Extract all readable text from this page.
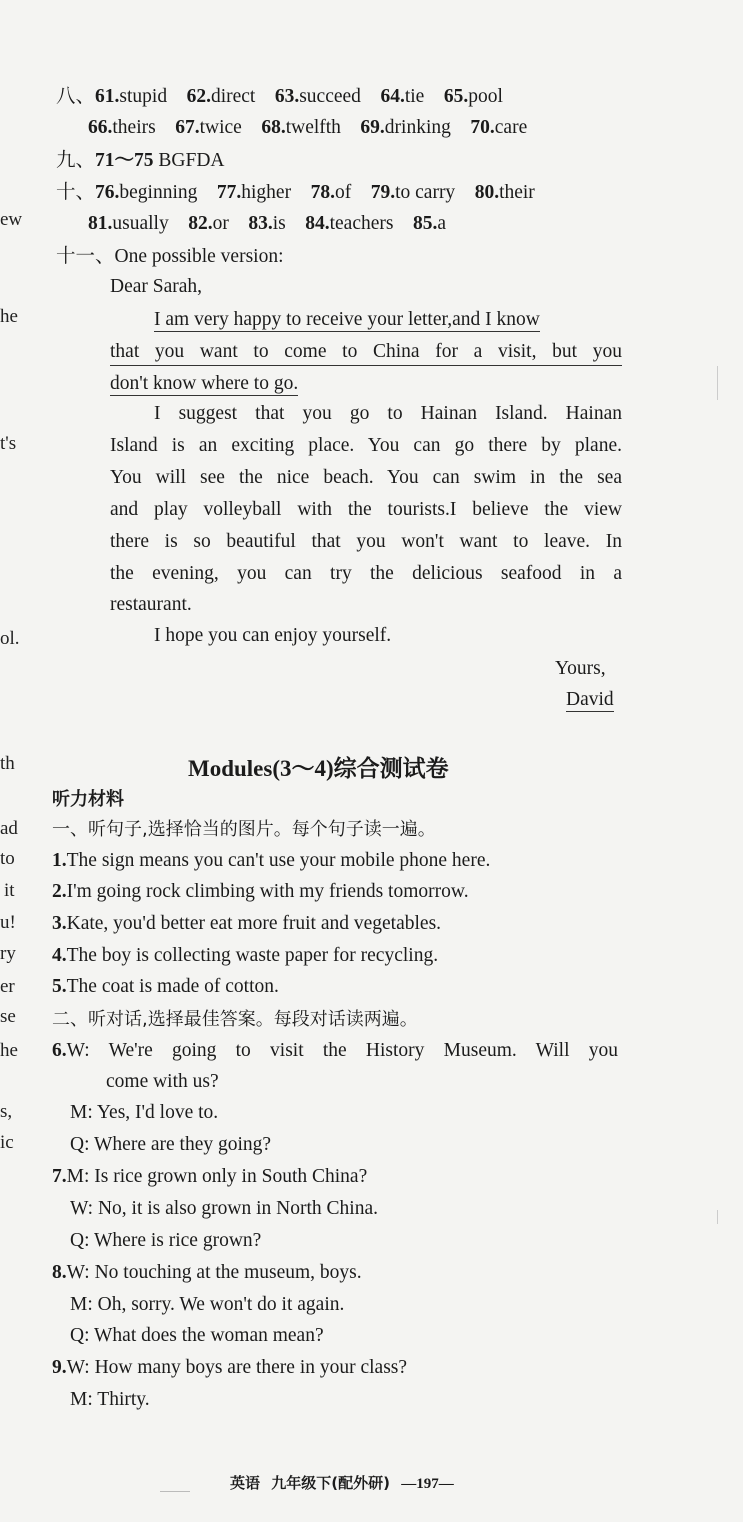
ew
he
t's
ol.
th
ad
to
it
u!
ry
er
se
he
s,
ic
八、61.stupid 62.direct 63.succeed 64.tie 65.pool
66.theirs 67.twice 68.twelfth 69.drinking 70.care
九、71～75 BGFDA
十、76.beginning 77.higher 78.of 79.to carry 80.their
81.usually 82.or 83.is 84.teachers 85.a
十一、One possible version:
Dear Sarah,
I am very happy to receive your letter,and I know
that you want to come to China for a visit, but you
don't know where to go.
I suggest that you go to Hainan Island. Hainan
Island is an exciting place. You can go there by plane.
You will see the nice beach. You can swim in the sea
and play volleyball with the tourists.I believe the view
there is so beautiful that you won't want to leave. In
the evening, you can try the delicious seafood in a
restaurant.
I hope you can enjoy yourself.
Yours,
David
Modules(3～4)综合测试卷
听力材料
一、听句子,选择恰当的图片。每个句子读一遍。
1.The sign means you can't use your mobile phone here.
2.I'm going rock climbing with my friends tomorrow.
3.Kate, you'd better eat more fruit and vegetables.
4.The boy is collecting waste paper for recycling.
5.The coat is made of cotton.
二、听对话,选择最佳答案。每段对话读两遍。
6.W: We're going to visit the History Museum. Will you
come with us?
M: Yes, I'd love to.
Q: Where are they going?
7.M: Is rice grown only in South China?
W: No, it is also grown in North China.
Q: Where is rice grown?
8.W: No touching at the museum, boys.
M: Oh, sorry. We won't do it again.
Q: What does the woman mean?
9.W: How many boys are there in your class?
M: Thirty.
英语 九年级下(配外研) —197—
